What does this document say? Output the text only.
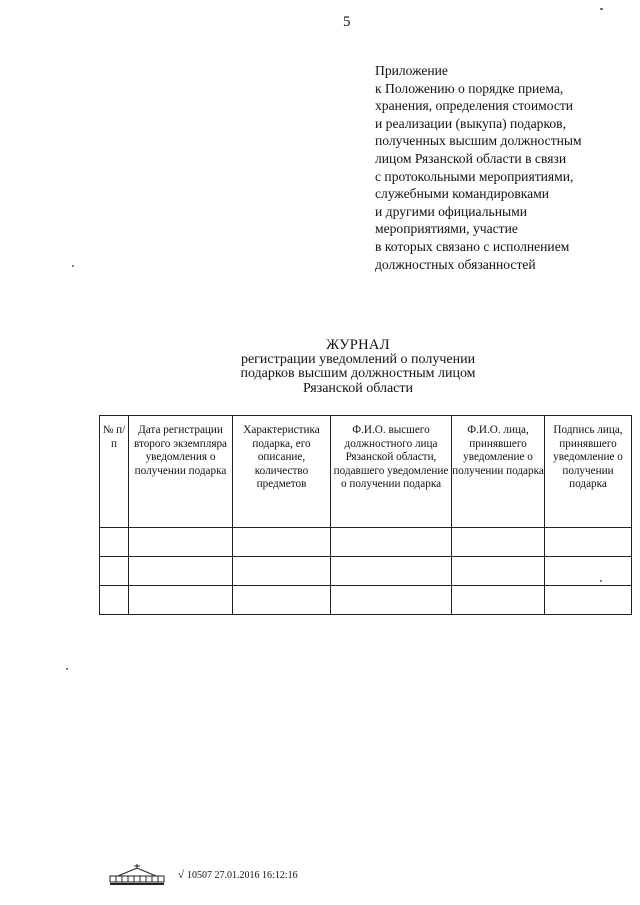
5
Приложение
к Положению о порядке приема,
хранения, определения стоимости
и реализации (выкупа) подарков,
полученных высшим должностным
лицом Рязанской области в связи
с протокольными мероприятиями,
служебными командировками
и другими официальными
мероприятиями, участие
в которых связано с исполнением
должностных обязанностей
ЖУРНАЛ
регистрации уведомлений о получении
подарков высшим должностным лицом
Рязанской области
№ п/п	Дата регистрации второго экземпляра уведомления о получении подарка	Характеристика подарка, его описание, количество предметов	Ф.И.О. высшего должностного лица Рязанской области, подавшего уведомление о получении подарка	Ф.И.О. лица, принявшего уведомление о получении подарка	Подпись лица, принявшего уведомление о получении подарка

√ 10507 27.01.2016 16:12:16
